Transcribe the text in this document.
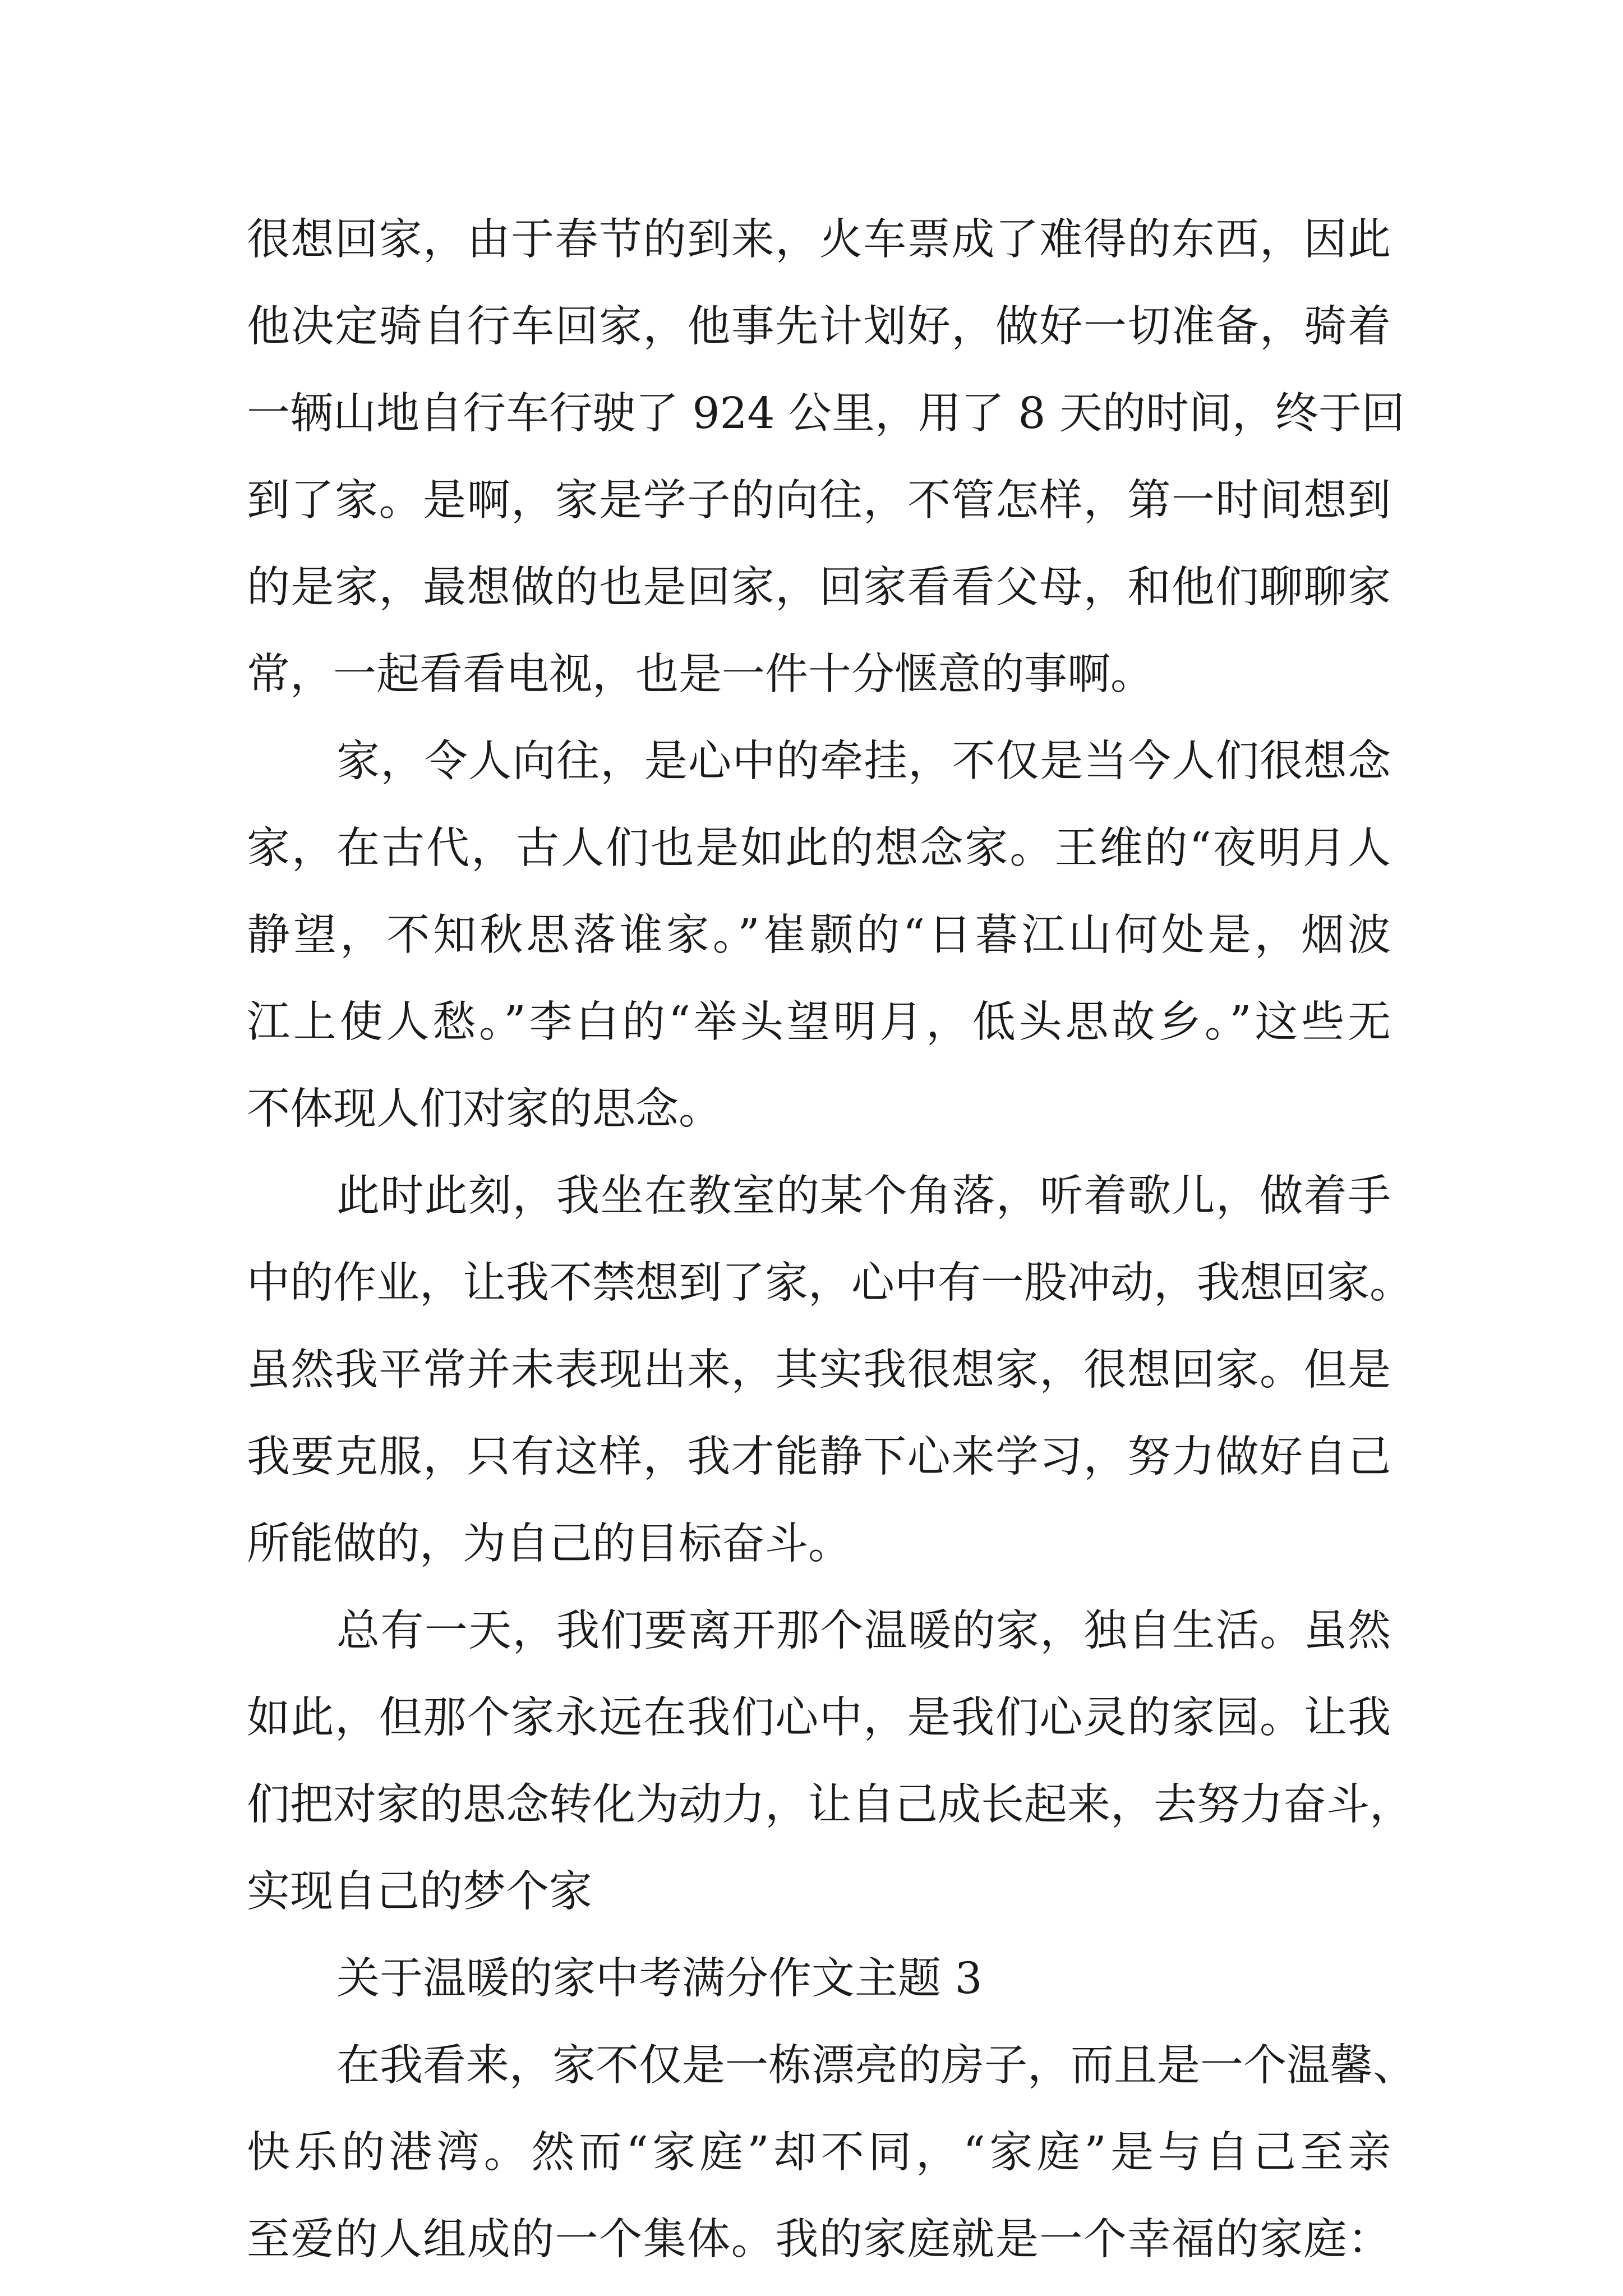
很想回家，由于春节的到来，火车票成了难得的东西，因此
他决定骑自行车回家，他事先计划好，做好一切准备，骑着
一辆山地自行车行驶了 924 公里，用了 8 天的时间，终于回
到了家。是啊，家是学子的向往，不管怎样，第一时间想到
的是家，最想做的也是回家，回家看看父母，和他们聊聊家
常，一起看看电视，也是一件十分惬意的事啊。
家，令人向往，是心中的牵挂，不仅是当今人们很想念
家，在古代，古人们也是如此的想念家。王维的“夜明月人
静望，不知秋思落谁家。”崔颢的“日暮江山何处是，烟波
江上使人愁。”李白的“举头望明月，低头思故乡。”这些无
不体现人们对家的思念。
此时此刻，我坐在教室的某个角落，听着歌儿，做着手
中的作业，让我不禁想到了家，心中有一股冲动，我想回家。
虽然我平常并未表现出来，其实我很想家，很想回家。但是
我要克服，只有这样，我才能静下心来学习，努力做好自己
所能做的，为自己的目标奋斗。
总有一天，我们要离开那个温暖的家，独自生活。虽然
如此，但那个家永远在我们心中，是我们心灵的家园。让我
们把对家的思念转化为动力，让自己成长起来，去努力奋斗，
实现自己的梦个家
关于温暖的家中考满分作文主题 3
在我看来，家不仅是一栋漂亮的房子，而且是一个温馨、
快乐的港湾。然而“家庭”却不同，“家庭”是与自己至亲
至爱的人组成的一个集体。我的家庭就是一个幸福的家庭：
